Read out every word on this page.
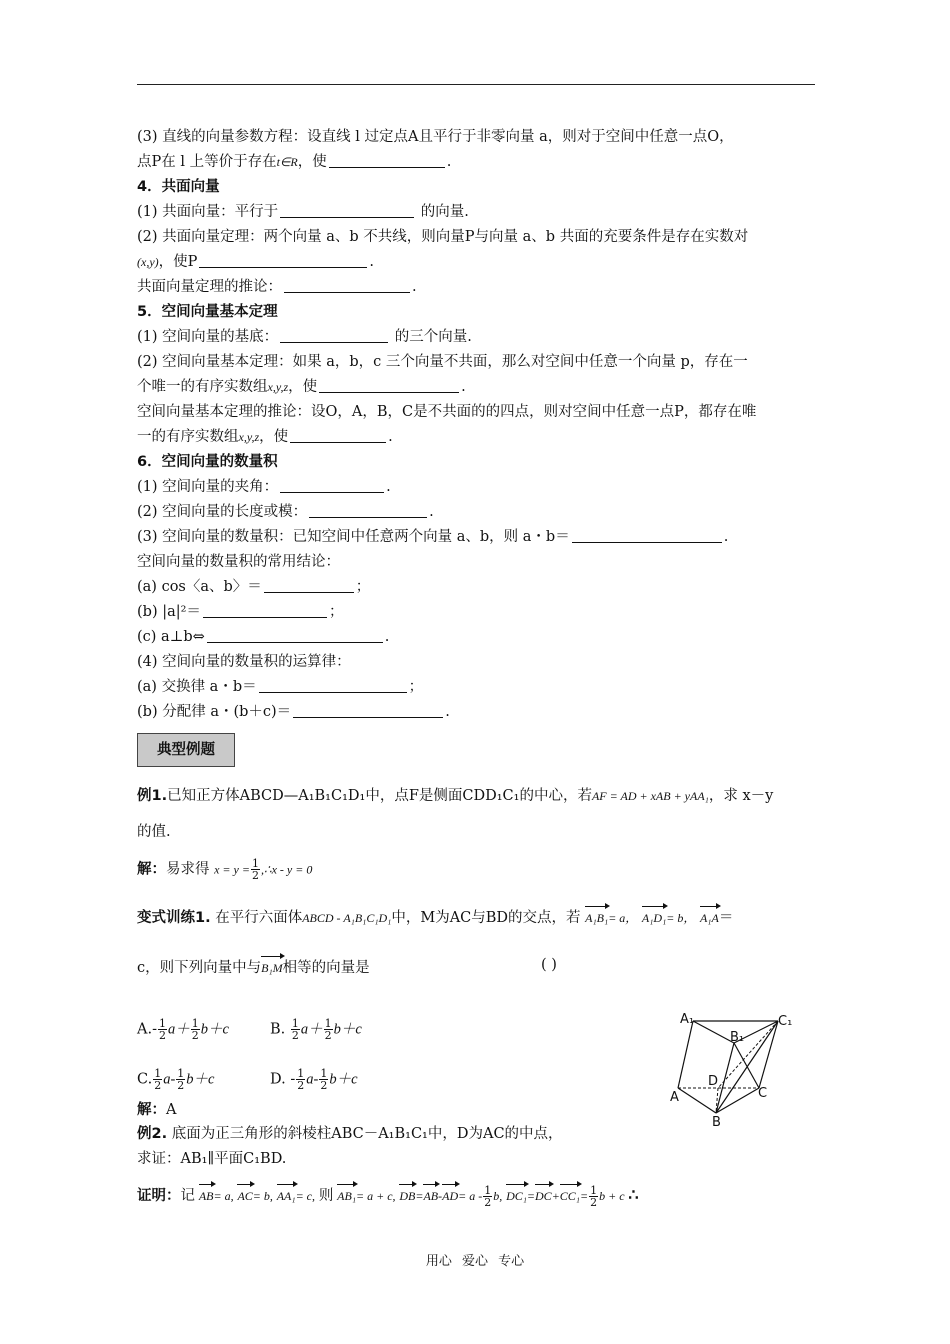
(3) 直线的向量参数方程：设直线 l 过定点A且平行于非零向量 a，则对于空间中任意一点O，
点P在 l 上等价于存在t∈R，使	.
4．共面向量
(1) 共面向量：平行于	的向量.
(2) 共面向量定理：两个向量 a、b 不共线，则向量P与向量 a、b 共面的充要条件是存在实数对
(x,y)，使P	.
共面向量定理的推论：	.
5．空间向量基本定理
(1) 空间向量的基底：	的三个向量.
(2) 空间向量基本定理：如果 a，b，c 三个向量不共面，那么对空间中任意一个向量 p，存在一
个唯一的有序实数组x,y,z，使	.
空间向量基本定理的推论：设O，A，B，C是不共面的的四点，则对空间中任意一点P，都存在唯
一的有序实数组x,y,z，使	.
6．空间向量的数量积
(1) 空间向量的夹角：	.
(2) 空间向量的长度或模：	.
(3) 空间向量的数量积：已知空间中任意两个向量 a、b，则 a・b＝	.
空间向量的数量积的常用结论：
(a) cos〈a、b〉＝	；
(b) |a|²＝	；
(c) a⊥b⇔	.
(4) 空间向量的数量积的运算律：
(a) 交换律 a・b＝	；
(b) 分配律 a・(b＋c)＝	.
典型例题
例1.已知正方体ABCD—A₁B₁C₁D₁中，点F是侧面CDD₁C₁的中心，若AF = AD + xAB + yAA₁，求 x－y
的值.
解：易求得 $x = y = \frac{1}{2}$ ,∴x - y = 0
变式训练1. 在平行六面体ABCD - A₁B₁C₁D₁中，M为AC与BD的交点，若 A₁B₁= a， A₁D₁= b， A₁A＝
c，则下列向量中与B₁M相等的向量是	( )
$A.- \frac{1}{2} a+ \frac{1}{2} b+c$	B. $\frac{1}{2} a+ \frac{1}{2} b+c$
C. $\frac{1}{2} a- \frac{1}{2} b+c$	D. - $\frac{1}{2} a- \frac{1}{2} b+c$
解：A
例2. 底面为正三角形的斜棱柱ABC－A₁B₁C₁中，D为AC的中点，
求证：AB₁∥平面C₁BD.
证明：记 AB= a, AC= b, AA₁= c, 则 AB₁= a + c, $DB=AB-AD= a - \frac{1}{2} b$, $DC_1=DC+CC_1= \frac{1}{2}$ b + c ∴
A₁	C₁
B₁
D
A	C
B
用心 爱心 专心
